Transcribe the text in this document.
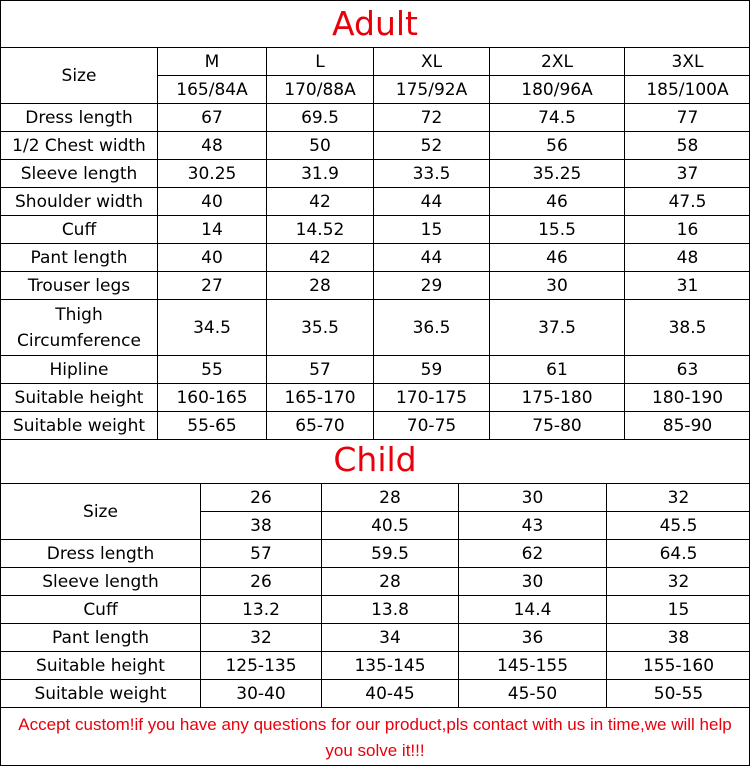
Adult
Size	M	L	XL	2XL	3XL
	165/84A	170/88A	175/92A	180/96A	185/100A
Dress length	67	69.5	72	74.5	77
1/2 Chest width	48	50	52	56	58
Sleeve length	30.25	31.9	33.5	35.25	37
Shoulder width	40	42	44	46	47.5
Cuff	14	14.52	15	15.5	16
Pant length	40	42	44	46	48
Trouser legs	27	28	29	30	31
Thigh Circumference	34.5	35.5	36.5	37.5	38.5
Hipline	55	57	59	61	63
Suitable height	160-165	165-170	170-175	175-180	180-190
Suitable weight	55-65	65-70	70-75	75-80	85-90
Child
Size	26	28	30	32
	38	40.5	43	45.5
Dress length	57	59.5	62	64.5
Sleeve length	26	28	30	32
Cuff	13.2	13.8	14.4	15
Pant length	32	34	36	38
Suitable height	125-135	135-145	145-155	155-160
Suitable weight	30-40	40-45	45-50	50-55
Accept custom!if you have any questions for our product,pls contact with us in time,we will help you solve it!!!
